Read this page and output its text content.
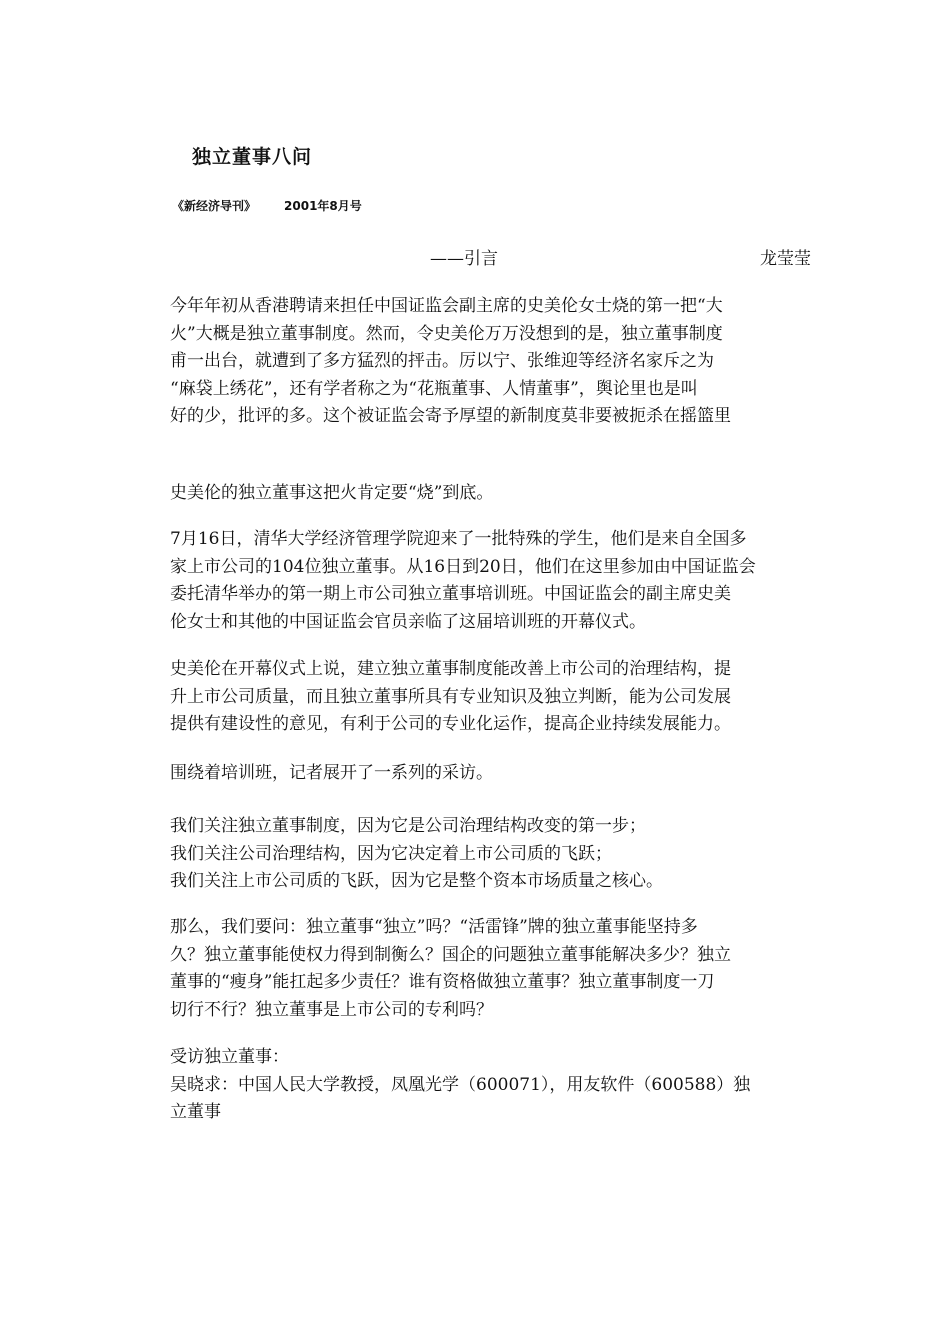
独立董事八问
《新经济导刊》 2001年8月号
——引言	龙莹莹

今年年初从香港聘请来担任中国证监会副主席的史美伦女士烧的第一把“大
火”大概是独立董事制度。然而，令史美伦万万没想到的是，独立董事制度
甫一出台，就遭到了多方猛烈的抨击。厉以宁、张维迎等经济名家斥之为
“麻袋上绣花”，还有学者称之为“花瓶董事、人情董事”，舆论里也是叫
好的少，批评的多。这个被证监会寄予厚望的新制度莫非要被扼杀在摇篮里

史美伦的独立董事这把火肯定要“烧”到底。

7月16日，清华大学经济管理学院迎来了一批特殊的学生，他们是来自全国多
家上市公司的104位独立董事。从16日到20日，他们在这里参加由中国证监会
委托清华举办的第一期上市公司独立董事培训班。中国证监会的副主席史美
伦女士和其他的中国证监会官员亲临了这届培训班的开幕仪式。

史美伦在开幕仪式上说，建立独立董事制度能改善上市公司的治理结构，提
升上市公司质量，而且独立董事所具有专业知识及独立判断，能为公司发展
提供有建设性的意见，有利于公司的专业化运作，提高企业持续发展能力。

围绕着培训班，记者展开了一系列的采访。

我们关注独立董事制度，因为它是公司治理结构改变的第一步；
我们关注公司治理结构，因为它决定着上市公司质的飞跃；
我们关注上市公司质的飞跃，因为它是整个资本市场质量之核心。

那么，我们要问：独立董事“独立”吗？“活雷锋”牌的独立董事能坚持多
久？独立董事能使权力得到制衡么？国企的问题独立董事能解决多少？独立
董事的“瘦身”能扛起多少责任？谁有资格做独立董事？独立董事制度一刀
切行不行？独立董事是上市公司的专利吗？

受访独立董事：
吴晓求：中国人民大学教授，凤凰光学（600071），用友软件（600588）独
立董事
